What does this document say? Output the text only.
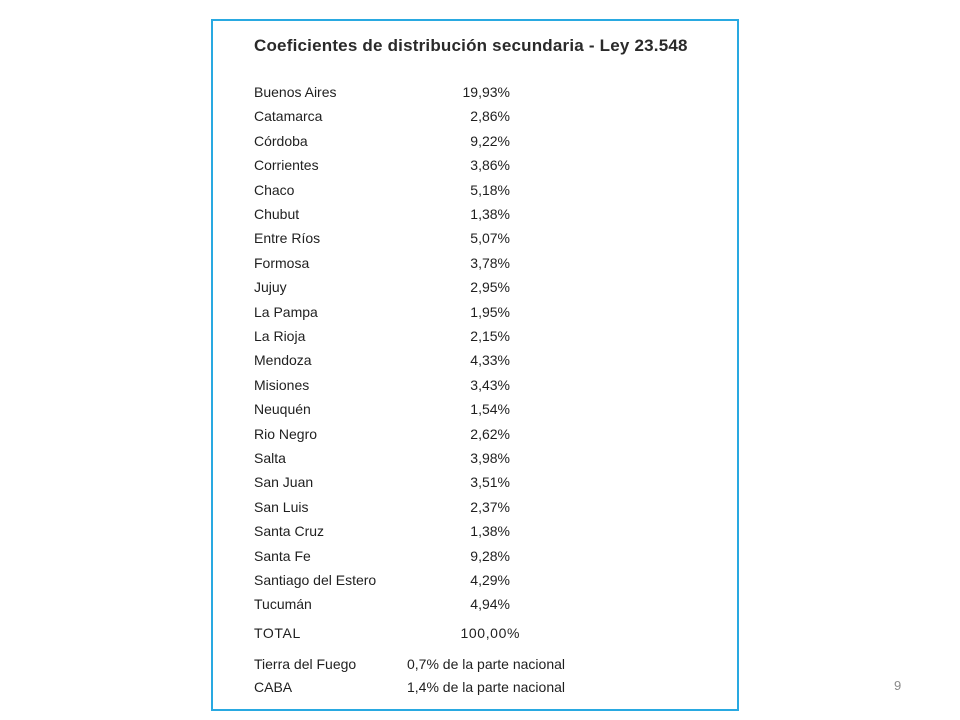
Coeficientes de distribución secundaria - Ley 23.548
Buenos Aires	19,93%
Catamarca	2,86%
Córdoba	9,22%
Corrientes	3,86%
Chaco	5,18%
Chubut	1,38%
Entre Ríos	5,07%
Formosa	3,78%
Jujuy	2,95%
La Pampa	1,95%
La Rioja	2,15%
Mendoza	4,33%
Misiones	3,43%
Neuquén	1,54%
Rio Negro	2,62%
Salta	3,98%
San Juan	3,51%
San Luis	2,37%
Santa Cruz	1,38%
Santa Fe	9,28%
Santiago del Estero	4,29%
Tucumán	4,94%
TOTAL	100,00%
Tierra del Fuego	0,7% de la parte nacional
CABA	1,4% de la parte nacional	9
